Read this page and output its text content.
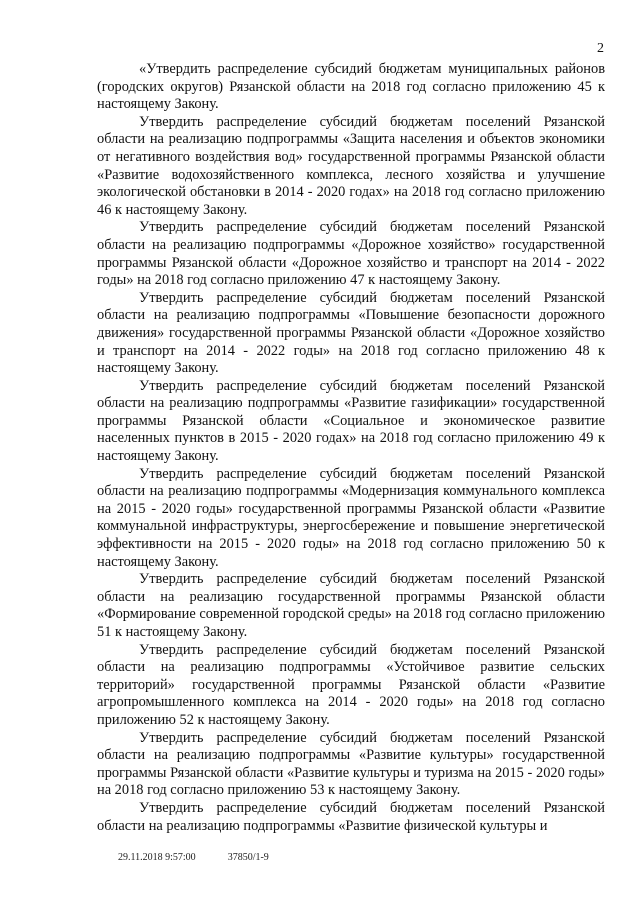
2

«Утвердить распределение субсидий бюджетам муниципальных районов (городских округов) Рязанской области на 2018 год согласно приложению 45 к настоящему Закону.

Утвердить распределение субсидий бюджетам поселений Рязанской области на реализацию подпрограммы «Защита населения и объектов экономики от негативного воздействия вод» государственной программы Рязанской области «Развитие водохозяйственного комплекса, лесного хозяйства и улучшение экологической обстановки в 2014 - 2020 годах» на 2018 год согласно приложению 46 к настоящему Закону.

Утвердить распределение субсидий бюджетам поселений Рязанской области на реализацию подпрограммы «Дорожное хозяйство» государственной программы Рязанской области «Дорожное хозяйство и транспорт на 2014 - 2022 годы» на 2018 год согласно приложению 47 к настоящему Закону.

Утвердить распределение субсидий бюджетам поселений Рязанской области на реализацию подпрограммы «Повышение безопасности дорожного движения» государственной программы Рязанской области «Дорожное хозяйство и транспорт на 2014 - 2022 годы» на 2018 год согласно приложению 48 к настоящему Закону.

Утвердить распределение субсидий бюджетам поселений Рязанской области на реализацию подпрограммы «Развитие газификации» государственной программы Рязанской области «Социальное и экономическое развитие населенных пунктов в 2015 - 2020 годах» на 2018 год согласно приложению 49 к настоящему Закону.

Утвердить распределение субсидий бюджетам поселений Рязанской области на реализацию подпрограммы «Модернизация коммунального комплекса на 2015 - 2020 годы» государственной программы Рязанской области «Развитие коммунальной инфраструктуры, энергосбережение и повышение энергетической эффективности на 2015 - 2020 годы» на 2018 год согласно приложению 50 к настоящему Закону.

Утвердить распределение субсидий бюджетам поселений Рязанской области на реализацию государственной программы Рязанской области «Формирование современной городской среды» на 2018 год согласно приложению 51 к настоящему Закону.

Утвердить распределение субсидий бюджетам поселений Рязанской области на реализацию подпрограммы «Устойчивое развитие сельских территорий» государственной программы Рязанской области «Развитие агропромышленного комплекса на 2014 - 2020 годы» на 2018 год согласно приложению 52 к настоящему Закону.

Утвердить распределение субсидий бюджетам поселений Рязанской области на реализацию подпрограммы «Развитие культуры» государственной программы Рязанской области «Развитие культуры и туризма на 2015 - 2020 годы» на 2018 год согласно приложению 53 к настоящему Закону.

Утвердить распределение субсидий бюджетам поселений Рязанской области на реализацию подпрограммы «Развитие физической культуры и

29.11.2018 9:57:00	37850/1-9
